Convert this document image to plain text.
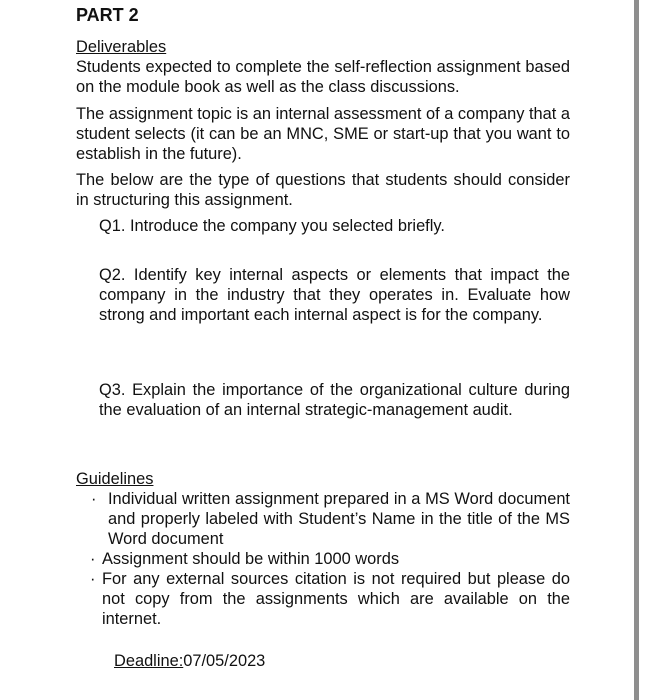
PART 2
Deliverables
Students expected to complete the self-reflection assignment based on the module book as well as the class discussions.
The assignment topic is an internal assessment of a company that a student selects (it can be an MNC, SME or start-up that you want to establish in the future).
The below are the type of questions that students should consider in structuring this assignment.
Q1. Introduce the company you selected briefly.
Q2. Identify key internal aspects or elements that impact the company in the industry that they operates in. Evaluate how strong and important each internal aspect is for the company.
Q3. Explain the importance of the organizational culture during the evaluation of an internal strategic-management audit.
Guidelines
· Individual written assignment prepared in a MS Word document and properly labeled with Student’s Name in the title of the MS Word document
· Assignment should be within 1000 words
· For any external sources citation is not required but please do not copy from the assignments which are available on the internet.
Deadline:07/05/2023
